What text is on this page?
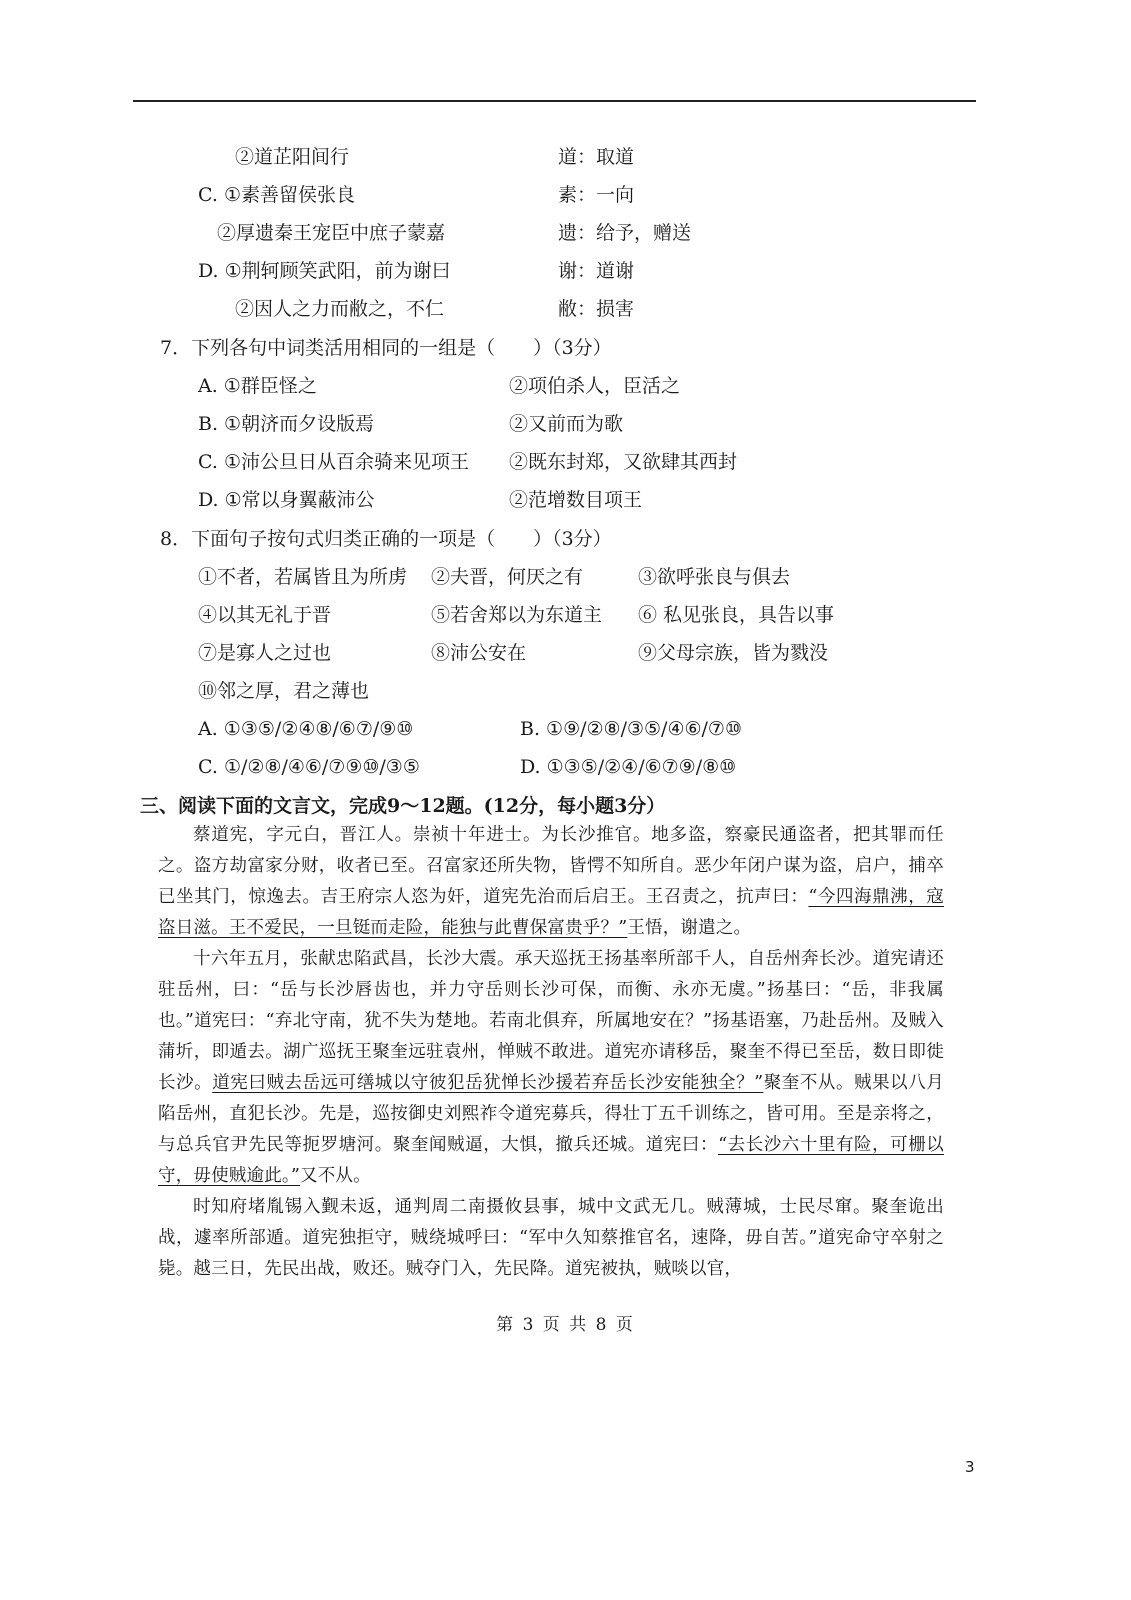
②道芷阳间行	道：取道
C. ①素善留侯张良	素：一向
②厚遗秦王宠臣中庶子蒙嘉	遗：给予，赠送
D. ①荆轲顾笑武阳，前为谢曰	谢：道谢
②因人之力而敝之，不仁	敝：损害
7．下列各句中词类活用相同的一组是（　　）（3分）
A. ①群臣怪之	②项伯杀人，臣活之
B. ①朝济而夕设版焉	②又前而为歌
C. ①沛公旦日从百余骑来见项王 ②既东封郑，又欲肆其西封
D. ①常以身翼蔽沛公	②范增数目项王
8．下面句子按句式归类正确的一项是（　　）（3分）
①不者，若属皆且为所虏 ②夫晋，何厌之有	③欲呼张良与俱去
④以其无礼于晋	⑤若舍郑以为东道主 ⑥ 私见张良，具告以事
⑦是寡人之过也	⑧沛公安在	⑨父母宗族，皆为戮没
⑩邻之厚，君之薄也
A. ①③⑤/②④⑧/⑥⑦/⑨⑩	B. ①⑨/②⑧/③⑤/④⑥/⑦⑩
C. ①/②⑧/④⑥/⑦⑨⑩/③⑤	D. ①③⑤/②④/⑥⑦⑨/⑧⑩
三、阅读下面的文言文，完成9～12题。(12分，每小题3分）

蔡道宪，字元白，晋江人。崇祯十年进士。为长沙推官。地多盗，察豪民通盗者，把其罪而任之。盗方劫富家分财，收者已至。召富家还所失物，皆愕不知所自。恶少年闭户谋为盗，启户，捕卒已坐其门，惊逸去。吉王府宗人恣为奸，道宪先治而后启王。王召责之，抗声曰：“今四海鼎沸，寇盗日滋。王不爱民，一旦铤而走险，能独与此曹保富贵乎？”王悟，谢遣之。

十六年五月，张献忠陷武昌，长沙大震。承天巡抚王扬基率所部千人，自岳州奔长沙。道宪请还驻岳州，曰：“岳与长沙唇齿也，并力守岳则长沙可保，而衡、永亦无虞。”扬基曰：“岳，非我属也。”道宪曰：“弃北守南，犹不失为楚地。若南北俱弃，所属地安在？”扬基语塞，乃赴岳州。及贼入蒲圻，即遁去。湖广巡抚王聚奎远驻袁州，惮贼不敢进。道宪亦请移岳，聚奎不得已至岳，数日即徙长沙。道宪曰贼去岳远可缮城以守彼犯岳犹惮长沙援若弃岳长沙安能独全？”聚奎不从。贼果以八月陷岳州，直犯长沙。先是，巡按御史刘熙祚令道宪募兵，得壮丁五千训练之，皆可用。至是亲将之，与总兵官尹先民等扼罗塘河。聚奎闻贼逼，大惧，撤兵还城。道宪曰：“去长沙六十里有险，可栅以守，毋使贼逾此。”又不从。

时知府堵胤锡入觐未返，通判周二南摄攸县事，城中文武无几。贼薄城，士民尽窜。聚奎诡出战，遽率所部遁。道宪独拒守，贼绕城呼曰：“军中久知蔡推官名，速降，毋自苦。”道宪命守卒射之毙。越三日，先民出战，败还。贼夺门入，先民降。道宪被执，贼啖以官，

第 3 页 共 8 页
3
